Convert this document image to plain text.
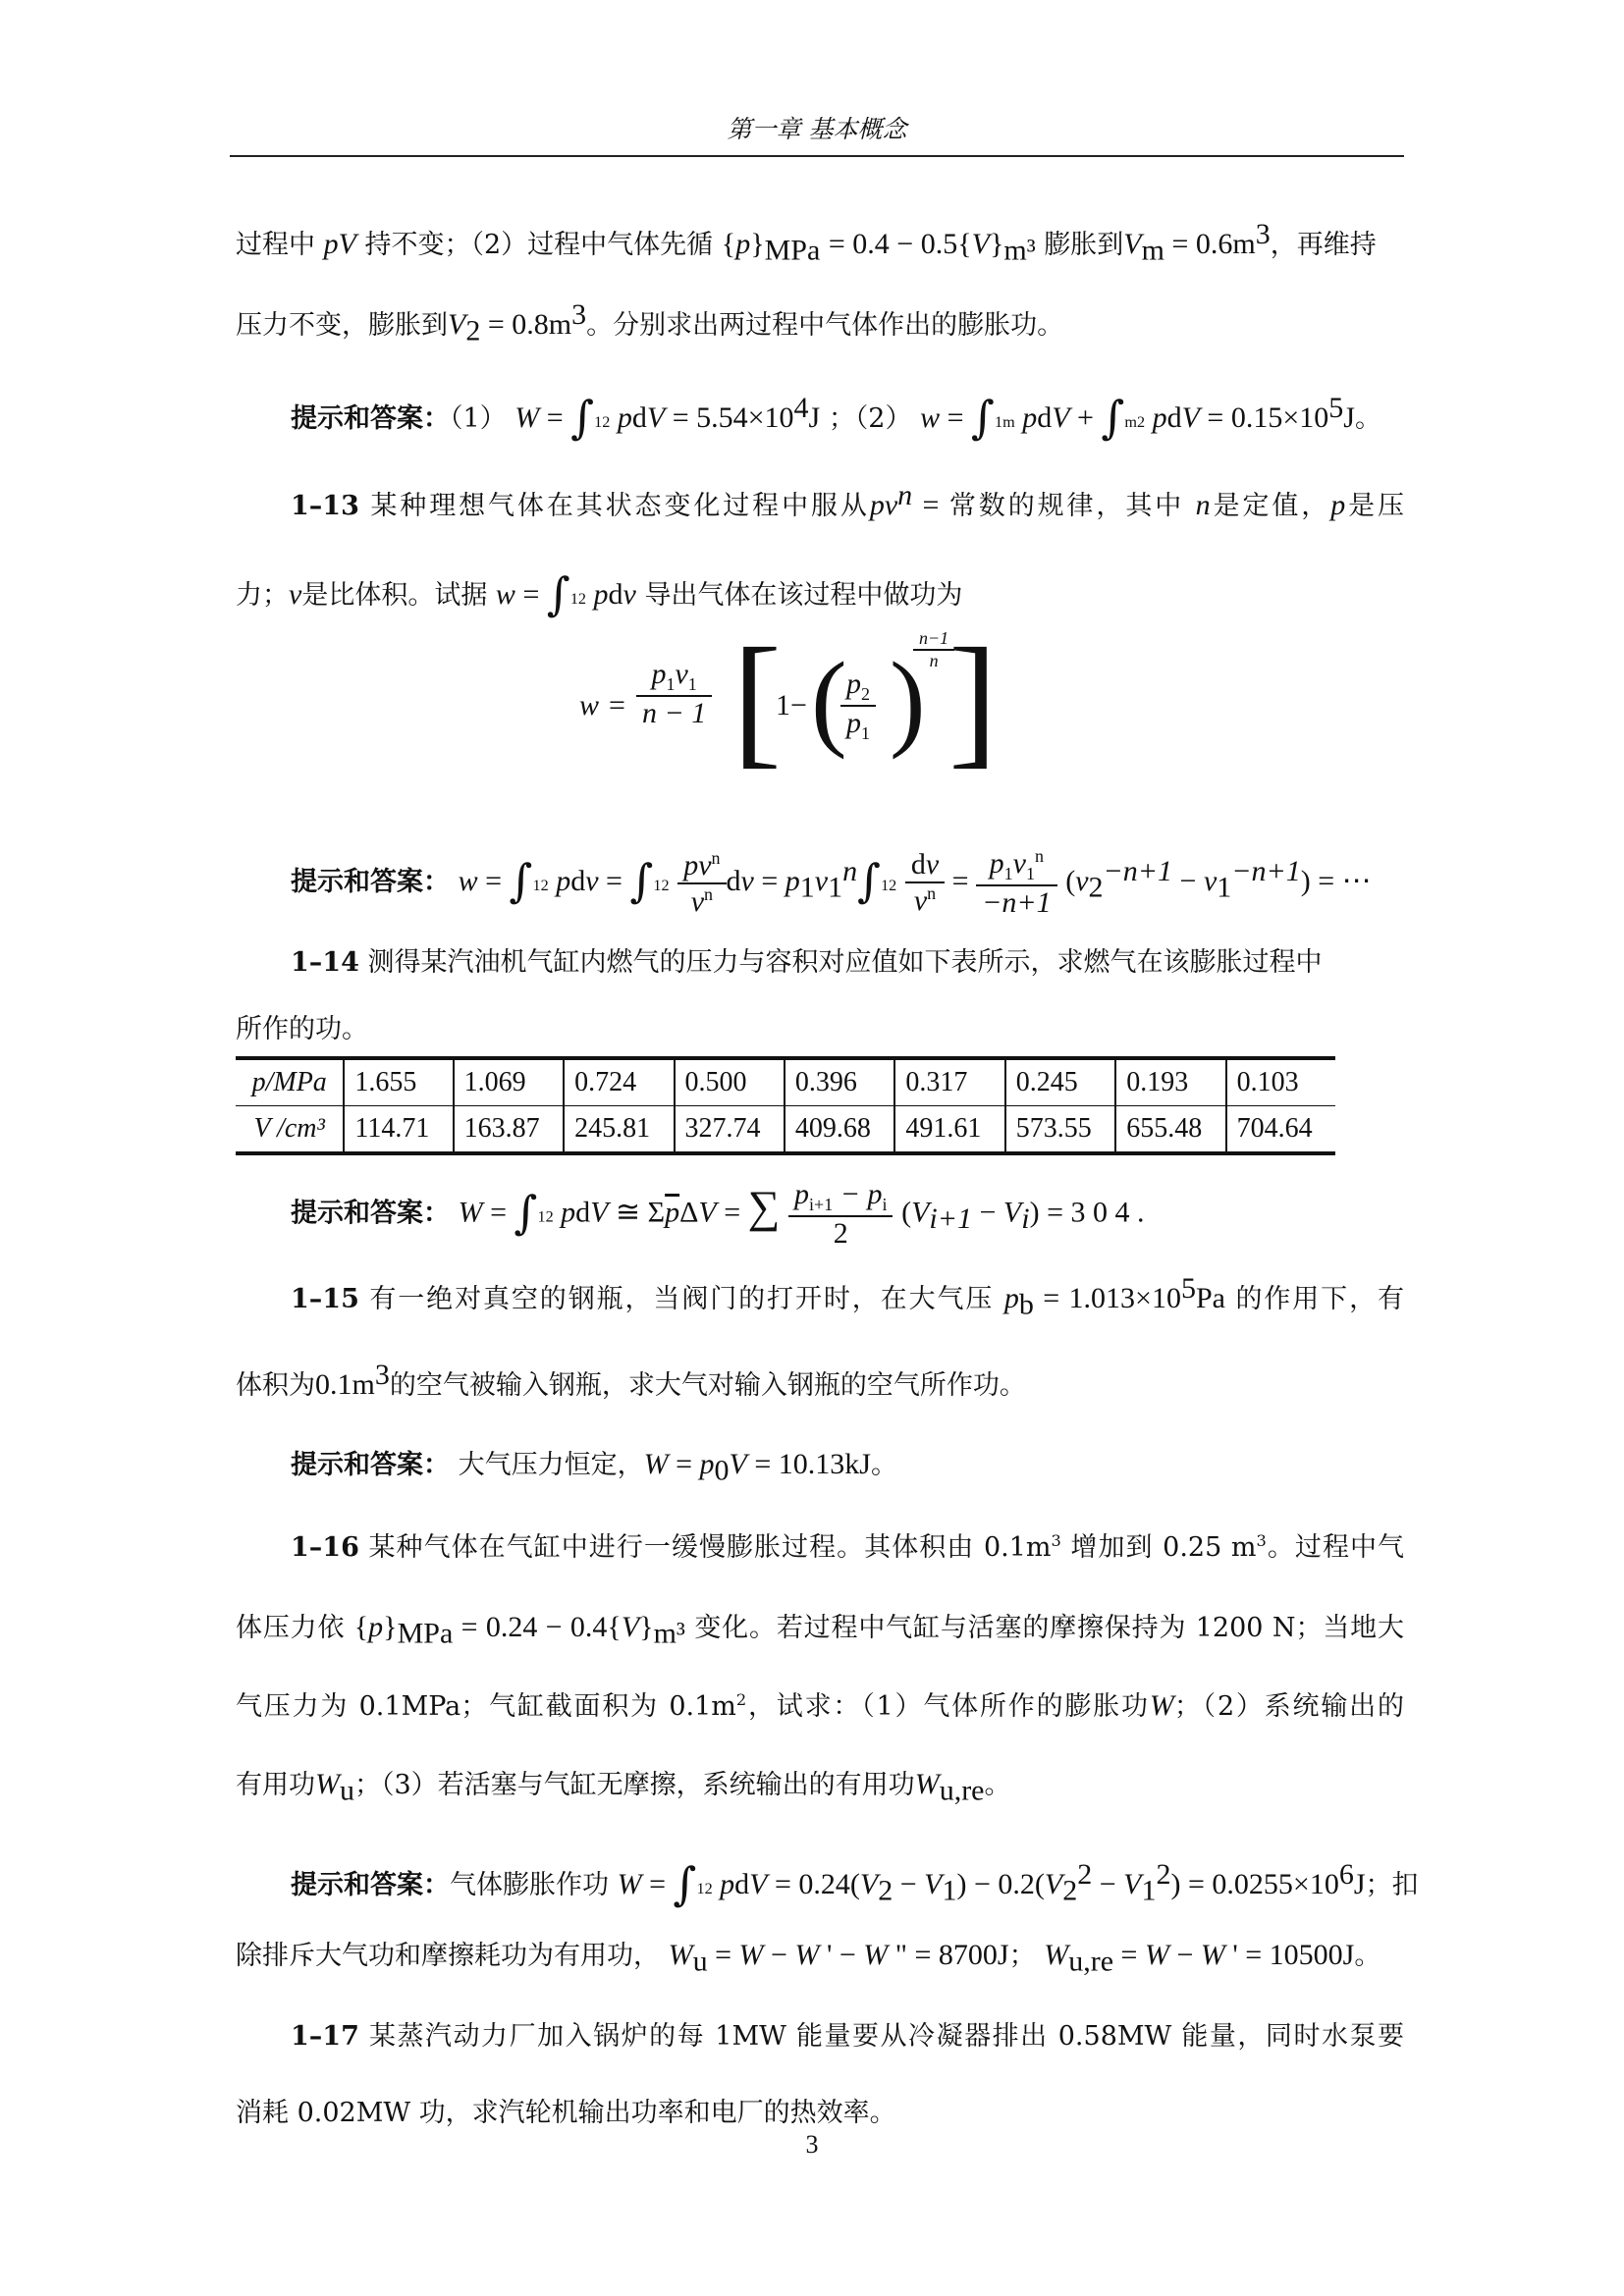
第一章 基本概念
过程中 pV 持不变；（2）过程中气体先循 $\{p\}_{MPa} = 0.4 - 0.5\{V\}_{m^3}$ 膨胀到$V_m = 0.6m^3$，再维持
压力不变，膨胀到$V_2 = 0.8m^3$。分别求出两过程中气体作出的膨胀功。
提示和答案：（1） W = ∫12 pdV = $5.54\times 10^4J$ ；（2） w = ∫1m pdV + ∫m2 pdV = $0.15\times 10^5J$。
1–13 某种理想气体在其状态变化过程中服从$pv^n$ = 常数的规律，其中 n是定值，p是压
力；v是比体积。试据 w = ∫12 pdv 导出气体在该过程中做功为
$w = \frac{p_1v_1}{n - 1}$ [
1− (
$\frac{p_2}{p_1}$ )
$\frac{n-1}{n}$
]
提示和答案： w = ∫12 pdv = $\int 12 \frac{pv^n}{v^n}$ dv = $p_1v_1^n\int 12 \frac{dv}{v^n} = \frac{p_1v_1^n}{-n+1} (v_2^{-n+1} - v_1^{-n+1})$ = ⋯
1–14 测得某汽油机气缸内燃气的压力与容积对应值如下表所示，求燃气在该膨胀过程中
所作的功。
p/MPa	1.655	1.069	0.724	0.500	0.396	0.317	0.245	0.193	0.103
V /cm³	114.71	163.87	245.81	327.74	409.68	491.61	573.55	655.48	704.64
提示和答案： W = ∫12 pdV ≅ $\Sigma\overline{p}\Delta V$ = ∑ $\frac{p_{i+1} - p_i}{2} (V_{i+1} - V_i) = 3$ 0 4 .
1–15 有一绝对真空的钢瓶，当阀门的打开时，在大气压 $p_b = 1.013\times 10^5Pa$ 的作用下，有
体积为$0.1m^3$的空气被输入钢瓶，求大气对输入钢瓶的空气所作功。
提示和答案： 大气压力恒定，$W = p_0V = 10.13kJ$。
1–16 某种气体在气缸中进行一缓慢膨胀过程。其体积由 $0.1m^3$ 增加到 0.25 $m^3$。过程中气
体压力依 $\{p\}_{MPa} = 0.24 - 0.4\{V\}_{m^3}$ 变化。若过程中气缸与活塞的摩擦保持为 1200 N；当地大
气压力为 0.1MPa；气缸截面积为 $0.1m^2$，试求：（1）气体所作的膨胀功W；（2）系统输出的
有用功$W_u$；（3）若活塞与气缸无摩擦，系统输出的有用功$W_{u,re}$。
提示和答案：气体膨胀作功 W = ∫12 pdV = $0.24(V_2 - V_1) - 0.2(V_2^2 - V_1^2) = 0.0255\times 10^6J$；扣
除排斥大气功和摩擦耗功为有用功， $W_u = W - W$ ' − W " = 8700J； $W_{u,re} = W - W$ ' = 10500J。
1–17 某蒸汽动力厂加入锅炉的每 1MW 能量要从冷凝器排出 0.58MW 能量，同时水泵要
消耗 0.02MW 功，求汽轮机输出功率和电厂的热效率。
3
